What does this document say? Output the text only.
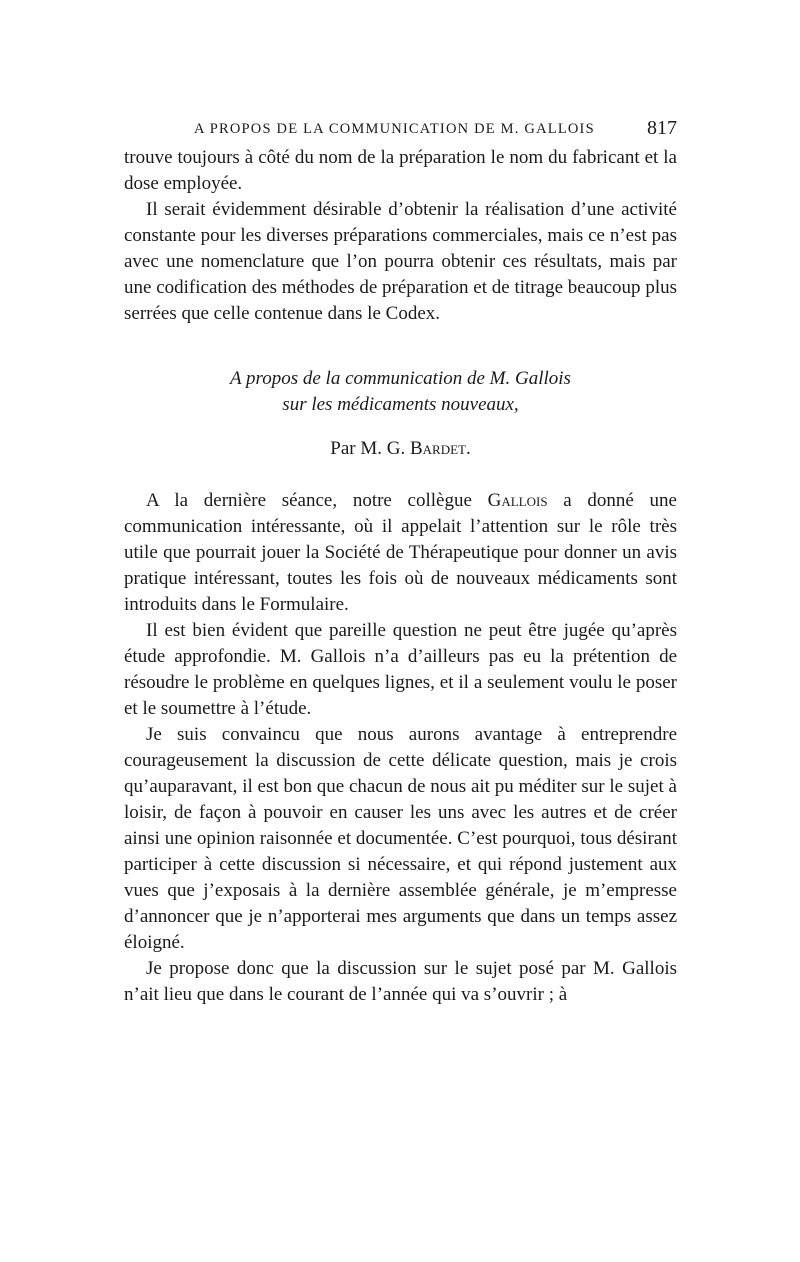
A PROPOS DE LA COMMUNICATION DE M. GALLOIS	817

trouve toujours à côté du nom de la préparation le nom du fabricant et la dose employée.

Il serait évidemment désirable d’obtenir la réalisation d’une activité constante pour les diverses préparations commerciales, mais ce n’est pas avec une nomenclature que l’on pourra obtenir ces résultats, mais par une codification des méthodes de préparation et de titrage beaucoup plus serrées que celle contenue dans le Codex.

A propos de la communication de M. Gallois
sur les médicaments nouveaux,
Par M. G. Bardet.

A la dernière séance, notre collègue Gallois a donné une communication intéressante, où il appelait l’attention sur le rôle très utile que pourrait jouer la Société de Thérapeutique pour donner un avis pratique intéressant, toutes les fois où de nouveaux médicaments sont introduits dans le Formulaire.

Il est bien évident que pareille question ne peut être jugée qu’après étude approfondie. M. Gallois n’a d’ailleurs pas eu la prétention de résoudre le problème en quelques lignes, et il a seulement voulu le poser et le soumettre à l’étude.

Je suis convaincu que nous aurons avantage à entreprendre courageusement la discussion de cette délicate question, mais je crois qu’auparavant, il est bon que chacun de nous ait pu méditer sur le sujet à loisir, de façon à pouvoir en causer les uns avec les autres et de créer ainsi une opinion raisonnée et documentée. C’est pourquoi, tous désirant participer à cette discussion si nécessaire, et qui répond justement aux vues que j’exposais à la dernière assemblée générale, je m’empresse d’annoncer que je n’apporterai mes arguments que dans un temps assez éloigné.

Je propose donc que la discussion sur le sujet posé par M. Gallois n’ait lieu que dans le courant de l’année qui va s’ouvrir ; à
